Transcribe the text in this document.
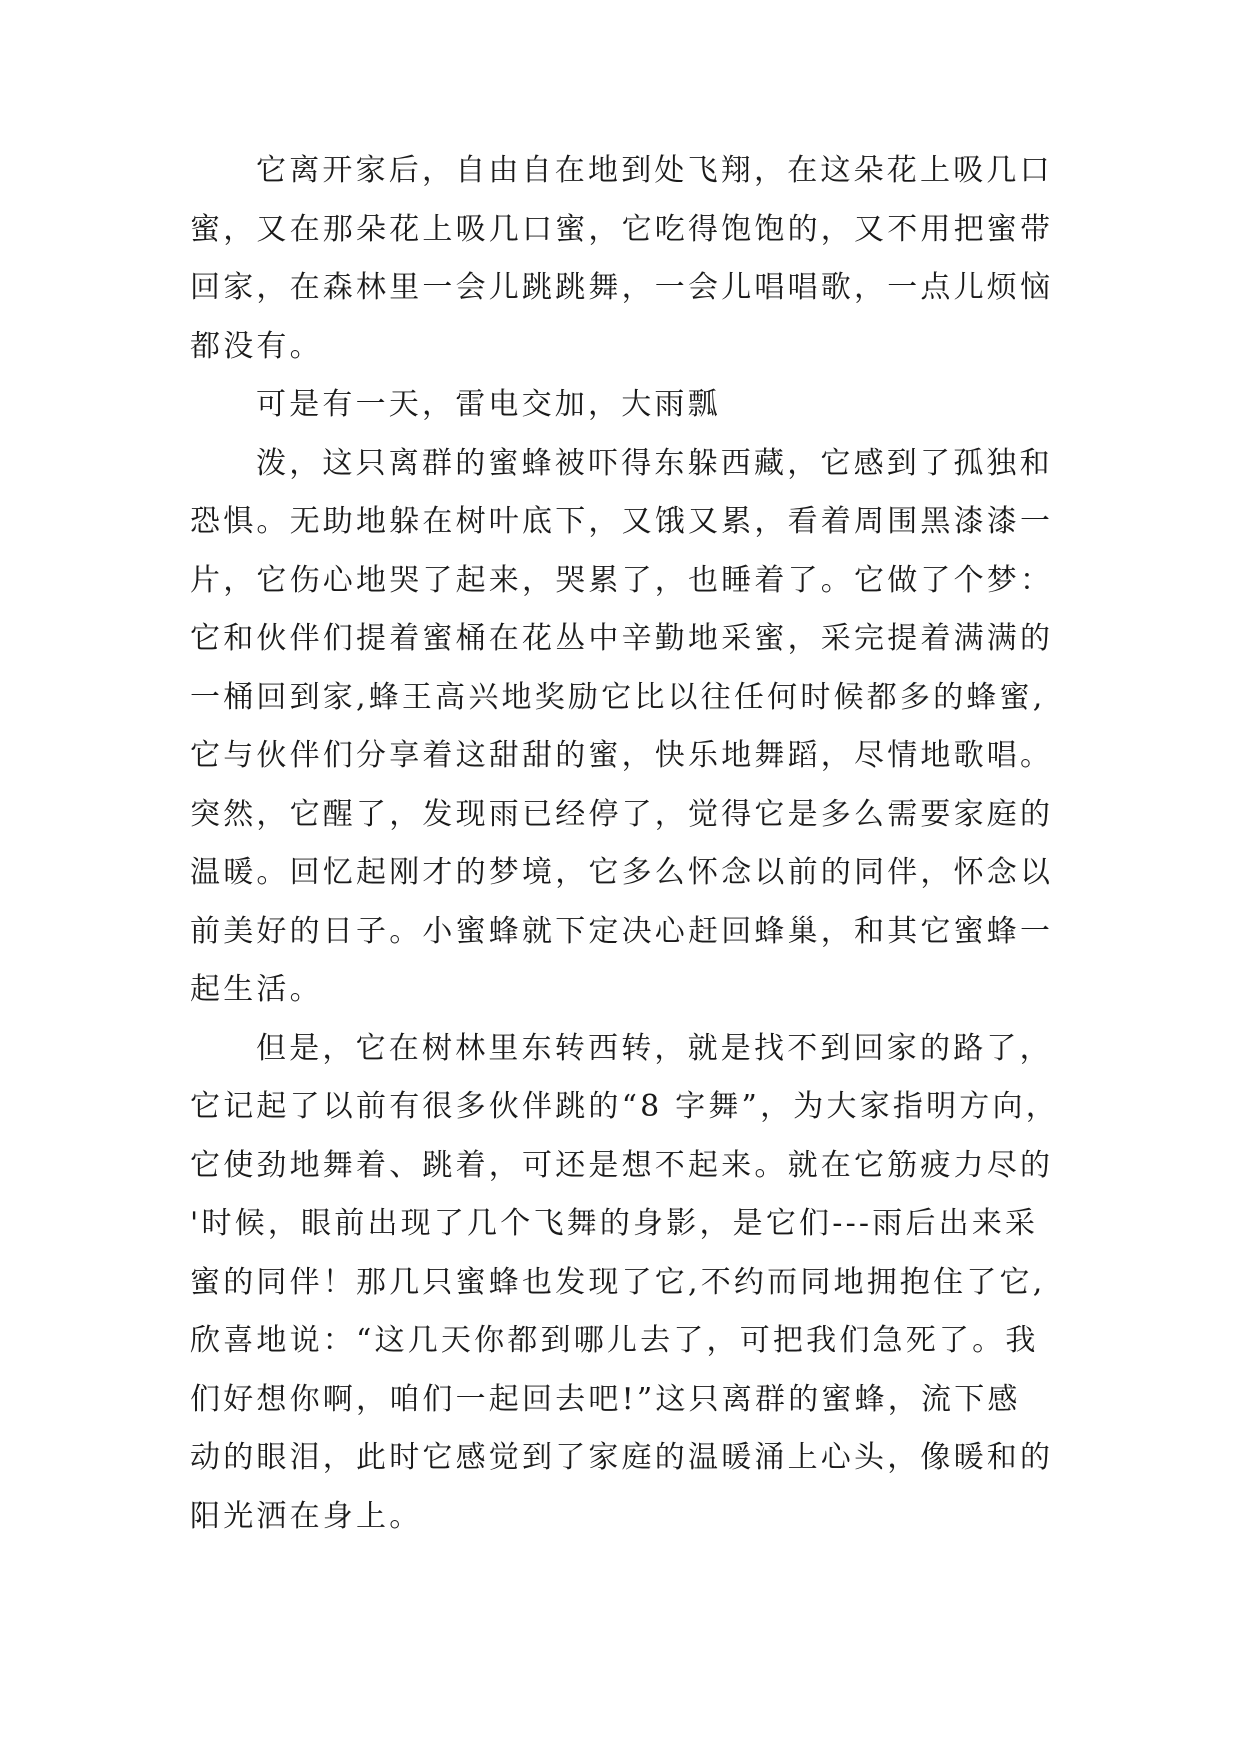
它离开家后，自由自在地到处飞翔，在这朵花上吸几口
蜜，又在那朵花上吸几口蜜，它吃得饱饱的，又不用把蜜带
回家，在森林里一会儿跳跳舞，一会儿唱唱歌，一点儿烦恼
都没有。

可是有一天，雷电交加，大雨瓢

泼，这只离群的蜜蜂被吓得东躲西藏，它感到了孤独和
恐惧。无助地躲在树叶底下，又饿又累，看着周围黑漆漆一
片，它伤心地哭了起来，哭累了，也睡着了。它做了个梦：
它和伙伴们提着蜜桶在花丛中辛勤地采蜜，采完提着满满的
一桶回到家,蜂王高兴地奖励它比以往任何时候都多的蜂蜜,
它与伙伴们分享着这甜甜的蜜，快乐地舞蹈，尽情地歌唱。
突然，它醒了，发现雨已经停了，觉得它是多么需要家庭的
温暖。回忆起刚才的梦境，它多么怀念以前的同伴，怀念以
前美好的日子。小蜜蜂就下定决心赶回蜂巢，和其它蜜蜂一
起生活。

但是，它在树林里东转西转，就是找不到回家的路了，
它记起了以前有很多伙伴跳的“8 字舞”，为大家指明方向，
它使劲地舞着、跳着，可还是想不起来。就在它筋疲力尽的
'时候，眼前出现了几个飞舞的身影，是它们---雨后出来采
蜜的同伴！那几只蜜蜂也发现了它,不约而同地拥抱住了它,
欣喜地说：“这几天你都到哪儿去了，可把我们急死了。我
们好想你啊，咱们一起回去吧!”这只离群的蜜蜂，流下感
动的眼泪，此时它感觉到了家庭的温暖涌上心头，像暖和的
阳光洒在身上。
